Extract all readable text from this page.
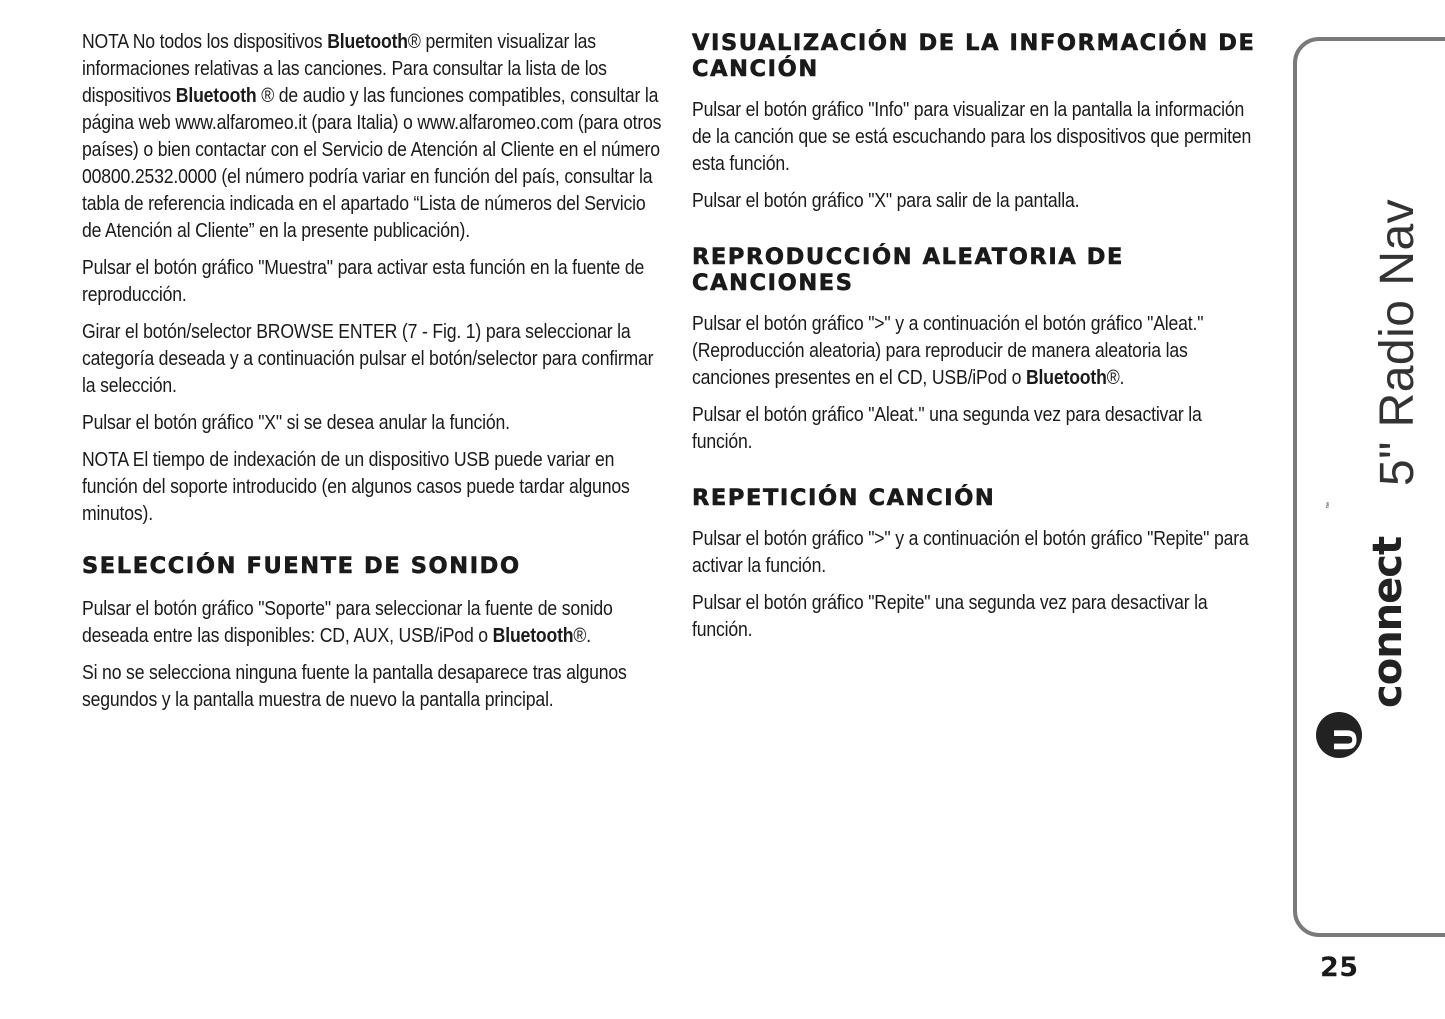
NOTA No todos los dispositivos Bluetooth® permiten visualizar las informaciones relativas a las canciones. Para consultar la lista de los dispositivos Bluetooth ® de audio y las funciones compatibles, consultar la página web www.alfaromeo.it (para Italia) o www.alfaromeo.com (para otros países) o bien contactar con el Servicio de Atención al Cliente en el número 00800.2532.0000 (el número podría variar en función del país, consultar la tabla de referencia indicada en el apartado “Lista de números del Servicio de Atención al Cliente” en la presente publicación).

Pulsar el botón gráfico "Muestra" para activar esta función en la fuente de reproducción.

Girar el botón/selector BROWSE ENTER (7 - Fig. 1) para seleccionar la categoría deseada y a continuación pulsar el botón/selector para confirmar la selección.

Pulsar el botón gráfico "X" si se desea anular la función.

NOTA El tiempo de indexación de un dispositivo USB puede variar en función del soporte introducido (en algunos casos puede tardar algunos minutos).

SELECCIÓN FUENTE DE SONIDO

Pulsar el botón gráfico "Soporte" para seleccionar la fuente de sonido deseada entre las disponibles: CD, AUX, USB/iPod o Bluetooth®.

Si no se selecciona ninguna fuente la pantalla desaparece tras algunos segundos y la pantalla muestra de nuevo la pantalla principal.

VISUALIZACIÓN DE LA INFORMACIÓN DE CANCIÓN

Pulsar el botón gráfico "Info" para visualizar en la pantalla la información de la canción que se está escuchando para los dispositivos que permiten esta función.

Pulsar el botón gráfico "X" para salir de la pantalla.

REPRODUCCIÓN ALEATORIA DE CANCIONES

Pulsar el botón gráfico ">" y a continuación el botón gráfico "Aleat." (Reproducción aleatoria) para reproducir de manera aleatoria las canciones presentes en el CD, USB/iPod o Bluetooth®.

Pulsar el botón gráfico "Aleat." una segunda vez para desactivar la función.

REPETICIÓN CANCIÓN

Pulsar el botón gráfico ">" y a continuación el botón gráfico "Repite" para activar la función.

Pulsar el botón gráfico "Repite" una segunda vez para desactivar la función.

U
connect
™
5" Radio Nav
25
